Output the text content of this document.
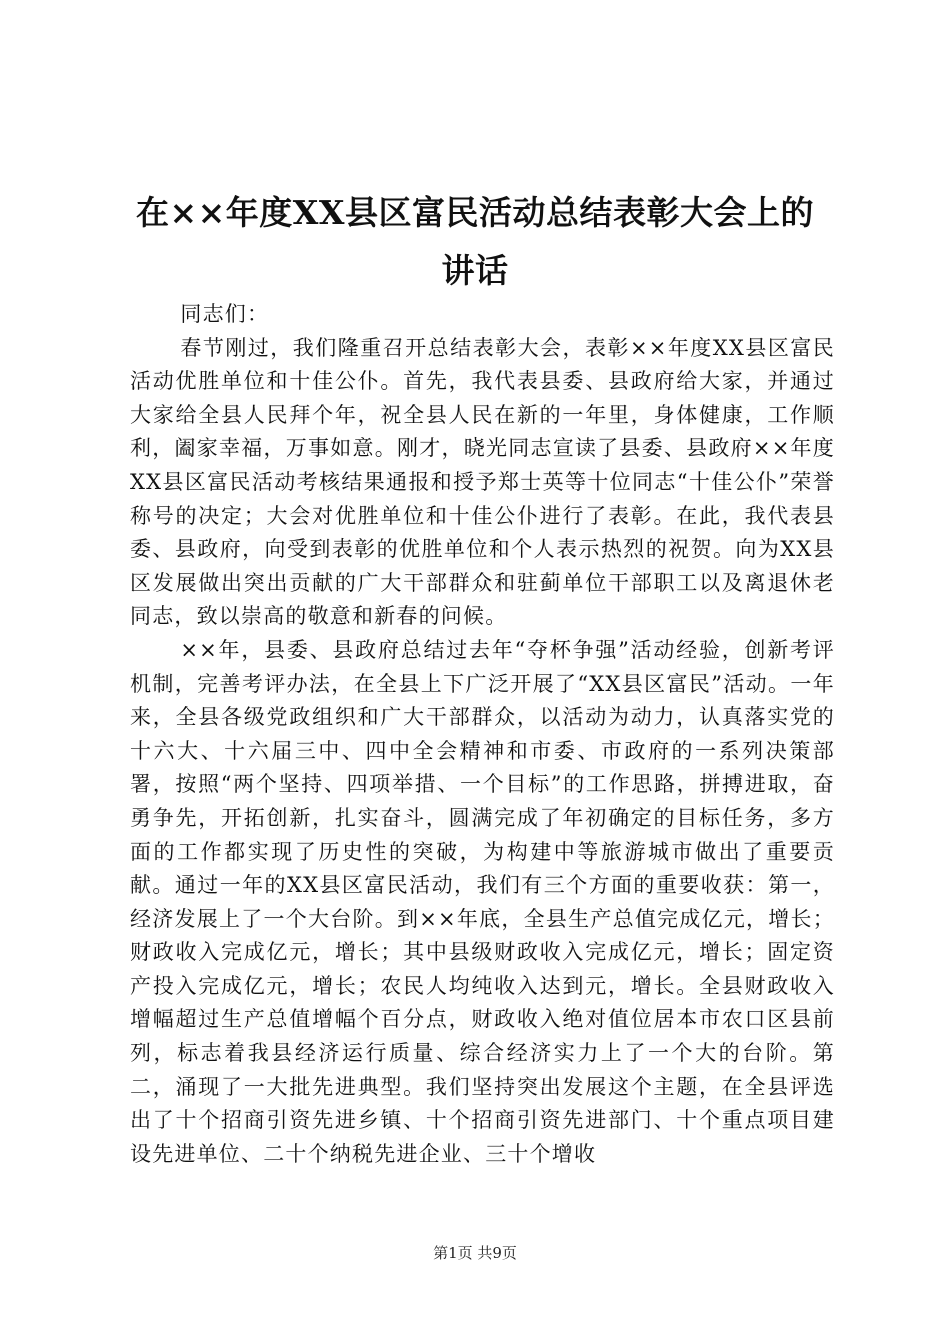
在××年度XX县区富民活动总结表彰大会上的讲话

同志们：

春节刚过，我们隆重召开总结表彰大会，表彰××年度XX县区富民活动优胜单位和十佳公仆。首先，我代表县委、县政府给大家，并通过大家给全县人民拜个年，祝全县人民在新的一年里，身体健康，工作顺利，阖家幸福，万事如意。刚才，晓光同志宣读了县委、县政府××年度XX县区富民活动考核结果通报和授予郑士英等十位同志“十佳公仆”荣誉称号的决定；大会对优胜单位和十佳公仆进行了表彰。在此，我代表县委、县政府，向受到表彰的优胜单位和个人表示热烈的祝贺。向为XX县区发展做出突出贡献的广大干部群众和驻蓟单位干部职工以及离退休老同志，致以崇高的敬意和新春的问候。

××年，县委、县政府总结过去年“夺杯争强”活动经验，创新考评机制，完善考评办法，在全县上下广泛开展了“XX县区富民”活动。一年来，全县各级党政组织和广大干部群众，以活动为动力，认真落实党的十六大、十六届三中、四中全会精神和市委、市政府的一系列决策部署，按照“两个坚持、四项举措、一个目标”的工作思路，拼搏进取，奋勇争先，开拓创新，扎实奋斗，圆满完成了年初确定的目标任务，多方面的工作都实现了历史性的突破，为构建中等旅游城市做出了重要贡献。通过一年的XX县区富民活动，我们有三个方面的重要收获：第一，经济发展上了一个大台阶。到××年底，全县生产总值完成亿元，增长；财政收入完成亿元，增长；其中县级财政收入完成亿元，增长；固定资产投入完成亿元，增长；农民人均纯收入达到元，增长。全县财政收入增幅超过生产总值增幅个百分点，财政收入绝对值位居本市农口区县前列，标志着我县经济运行质量、综合经济实力上了一个大的台阶。第二，涌现了一大批先进典型。我们坚持突出发展这个主题，在全县评选出了十个招商引资先进乡镇、十个招商引资先进部门、十个重点项目建设先进单位、二十个纳税先进企业、三十个增收

第1页 共9页
